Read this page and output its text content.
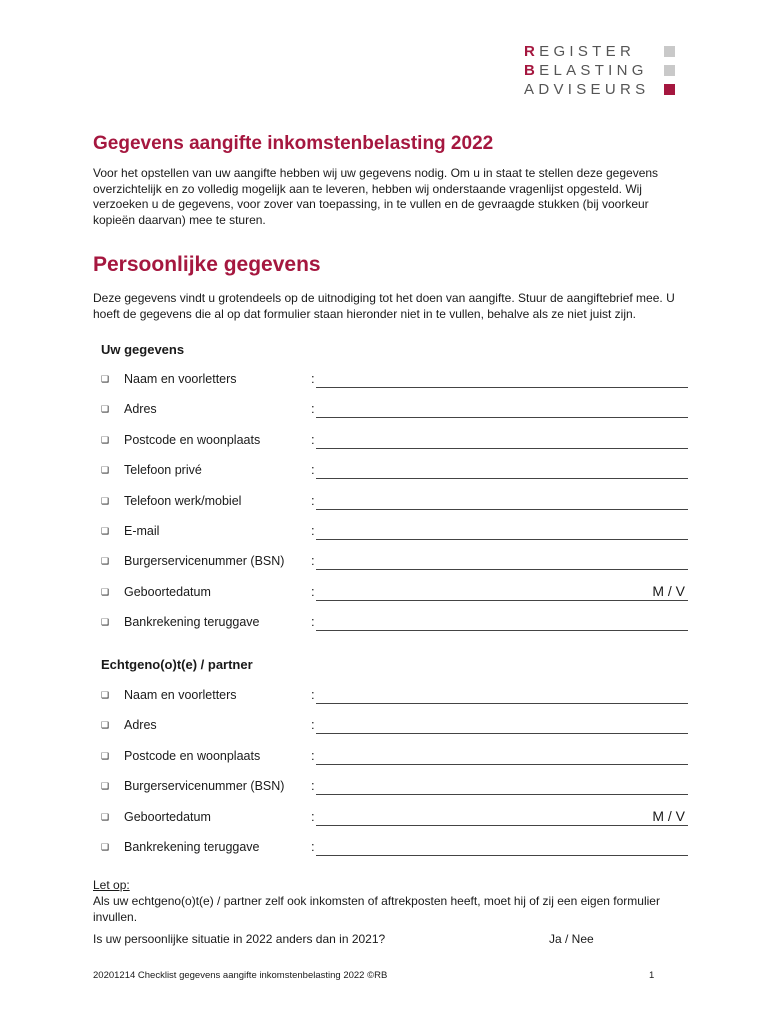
REGISTER
BELASTING
ADVISEURS
Gegevens aangifte inkomstenbelasting 2022

Voor het opstellen van uw aangifte hebben wij uw gegevens nodig. Om u in staat te stellen deze gegevens overzichtelijk en zo volledig mogelijk aan te leveren, hebben wij onderstaande vragenlijst opgesteld. Wij verzoeken u de gegevens, voor zover van toepassing, in te vullen en de gevraagde stukken (bij voorkeur kopieën daarvan) mee te sturen.

Persoonlijke gegevens

Deze gegevens vindt u grotendeels op de uitnodiging tot het doen van aangifte. Stuur de aangiftebrief mee. U hoeft de gegevens die al op dat formulier staan hieronder niet in te vullen, behalve als ze niet juist zijn.

Uw gegevens
❑ Naam en voorletters	:
❑ Adres	:
❑ Postcode en woonplaats	:
❑ Telefoon privé	:
❑ Telefoon werk/mobiel	:
❑ E-mail	:
❑ Burgerservicenummer (BSN) :
❑ Geboortedatum	:	M / V
❑ Bankrekening teruggave	:
Echtgeno(o)t(e) / partner
❑ Naam en voorletters	:
❑ Adres	:
❑ Postcode en woonplaats	:
❑ Burgerservicenummer (BSN) :
❑ Geboortedatum	:	M / V
❑ Bankrekening teruggave	:

Let op:
Als uw echtgeno(o)t(e) / partner zelf ook inkomsten of aftrekposten heeft, moet hij of zij een eigen formulier invullen.

Is uw persoonlijke situatie in 2022 anders dan in 2021?	Ja / Nee
20201214 Checklist gegevens aangifte inkomstenbelasting 2022 ©RB	1
